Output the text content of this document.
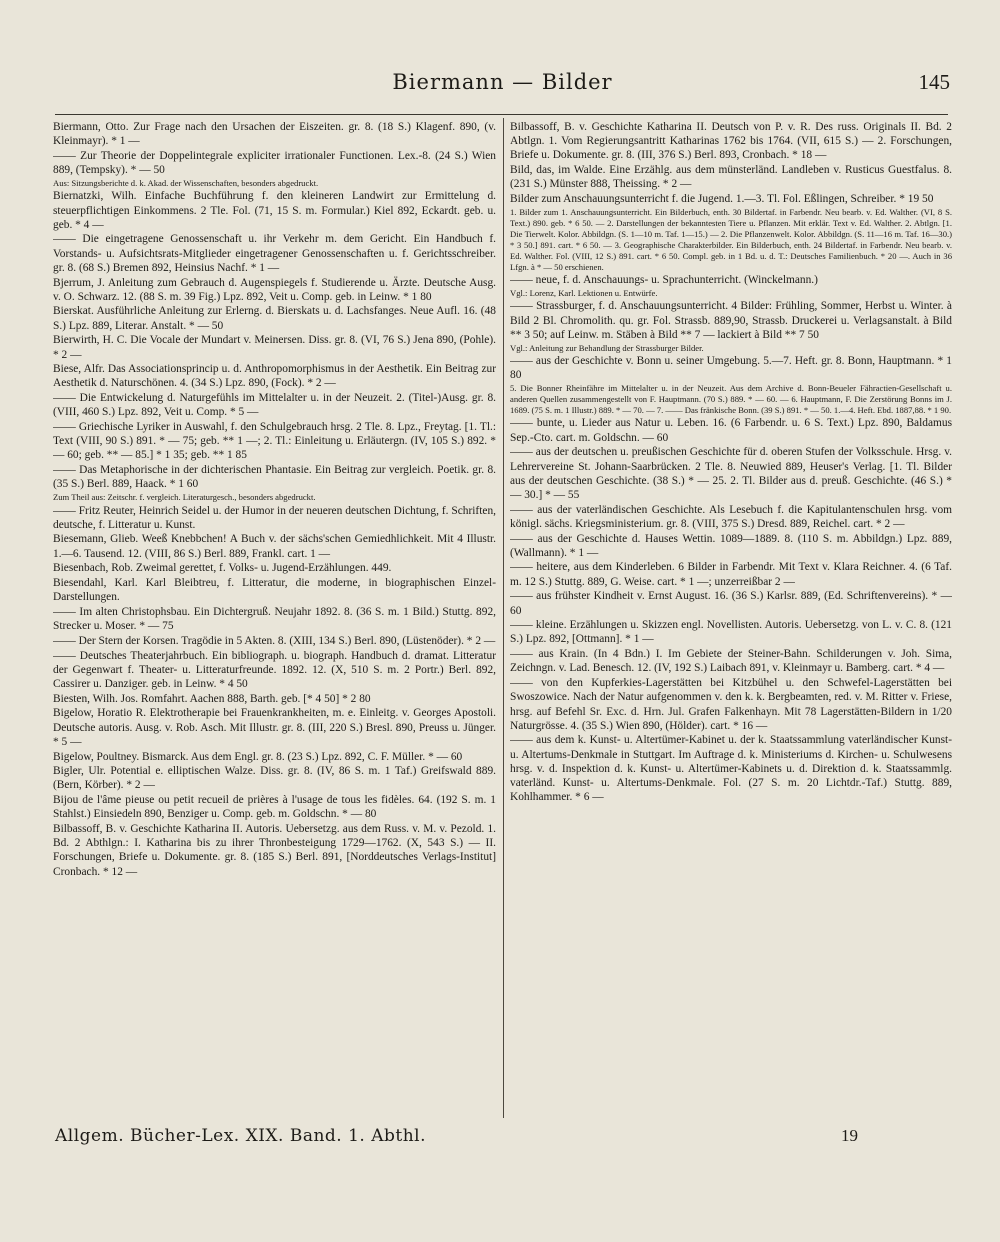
Biermann — Bilder	145

Biermann, Otto. Zur Frage nach den Ursachen der Eiszeiten. gr. 8. (18 S.) Klagenf. 890, (v. Kleinmayr). * 1 —

—— Zur Theorie der Doppelintegrale expliciter irrationaler Functionen. Lex.-8. (24 S.) Wien 889, (Tempsky). * — 50

Aus: Sitzungsberichte d. k. Akad. der Wissenschaften, besonders abgedruckt.

Biernatzki, Wilh. Einfache Buchführung f. den kleineren Landwirt zur Ermittelung d. steuerpflichtigen Einkommens. 2 Tle. Fol. (71, 15 S. m. Formular.) Kiel 892, Eckardt. geb. u. geb. * 4 —

—— Die eingetragene Genossenschaft u. ihr Verkehr m. dem Gericht. Ein Handbuch f. Vorstands- u. Aufsichtsrats-Mitglieder eingetragener Genossenschaften u. f. Gerichtsschreiber. gr. 8. (68 S.) Bremen 892, Heinsius Nachf. * 1 —

Bjerrum, J. Anleitung zum Gebrauch d. Augenspiegels f. Studierende u. Ärzte. Deutsche Ausg. v. O. Schwarz. 12. (88 S. m. 39 Fig.) Lpz. 892, Veit u. Comp. geb. in Leinw. * 1 80

Bierskat. Ausführliche Anleitung zur Erlerng. d. Bierskats u. d. Lachsfanges. Neue Aufl. 16. (48 S.) Lpz. 889, Literar. Anstalt. * — 50

Bierwirth, H. C. Die Vocale der Mundart v. Meinersen. Diss. gr. 8. (VI, 76 S.) Jena 890, (Pohle). * 2 —

Biese, Alfr. Das Associationsprincip u. d. Anthropomorphismus in der Aesthetik. Ein Beitrag zur Aesthetik d. Naturschönen. 4. (34 S.) Lpz. 890, (Fock). * 2 —

—— Die Entwickelung d. Naturgefühls im Mittelalter u. in der Neuzeit. 2. (Titel-)Ausg. gr. 8. (VIII, 460 S.) Lpz. 892, Veit u. Comp. * 5 —

—— Griechische Lyriker in Auswahl, f. den Schulgebrauch hrsg. 2 Tle. 8. Lpz., Freytag. [1. Tl.: Text (VIII, 90 S.) 891. * — 75; geb. ** 1 —; 2. Tl.: Einleitung u. Erläutergn. (IV, 105 S.) 892. * — 60; geb. ** — 85.] * 1 35; geb. ** 1 85

—— Das Metaphorische in der dichterischen Phantasie. Ein Beitrag zur vergleich. Poetik. gr. 8. (35 S.) Berl. 889, Haack. * 1 60

Zum Theil aus: Zeitschr. f. vergleich. Literaturgesch., besonders abgedruckt.

—— Fritz Reuter, Heinrich Seidel u. der Humor in der neueren deutschen Dichtung, f. Schriften, deutsche, f. Litteratur u. Kunst.

Biesemann, Glieb. Weeß Knebbchen! A Buch v. der sächs'schen Gemiedhlichkeit. Mit 4 Illustr. 1.—6. Tausend. 12. (VIII, 86 S.) Berl. 889, Frankl. cart. 1 —

Biesenbach, Rob. Zweimal gerettet, f. Volks- u. Jugend-Erzählungen. 449.

Biesendahl, Karl. Karl Bleibtreu, f. Litteratur, die moderne, in biographischen Einzel-Darstellungen.

—— Im alten Christophsbau. Ein Dichtergruß. Neujahr 1892. 8. (36 S. m. 1 Bild.) Stuttg. 892, Strecker u. Moser. * — 75

—— Der Stern der Korsen. Tragödie in 5 Akten. 8. (XIII, 134 S.) Berl. 890, (Lüstenöder). * 2 —

—— Deutsches Theaterjahrbuch. Ein bibliograph. u. biograph. Handbuch d. dramat. Litteratur der Gegenwart f. Theater- u. Litteraturfreunde. 1892. 12. (X, 510 S. m. 2 Portr.) Berl. 892, Cassirer u. Danziger. geb. in Leinw. * 4 50

Biesten, Wilh. Jos. Romfahrt. Aachen 888, Barth. geb. [* 4 50] * 2 80

Bigelow, Horatio R. Elektrotherapie bei Frauenkrankheiten, m. e. Einleitg. v. Georges Apostoli. Deutsche autoris. Ausg. v. Rob. Asch. Mit Illustr. gr. 8. (III, 220 S.) Bresl. 890, Preuss u. Jünger. * 5 —

Bigelow, Poultney. Bismarck. Aus dem Engl. gr. 8. (23 S.) Lpz. 892, C. F. Müller. * — 60

Bigler, Ulr. Potential e. elliptischen Walze. Diss. gr. 8. (IV, 86 S. m. 1 Taf.) Greifswald 889. (Bern, Körber). * 2 —

Bijou de l'âme pieuse ou petit recueil de prières à l'usage de tous les fidèles. 64. (192 S. m. 1 Stahlst.) Einsiedeln 890, Benziger u. Comp. geb. m. Goldschn. * — 80

Bilbassoff, B. v. Geschichte Katharina II. Autoris. Uebersetzg. aus dem Russ. v. M. v. Pezold. 1. Bd. 2 Abthlgn.: I. Katharina bis zu ihrer Thronbesteigung 1729—1762. (X, 543 S.) — II. Forschungen, Briefe u. Dokumente. gr. 8. (185 S.) Berl. 891, [Norddeutsches Verlags-Institut] Cronbach. * 12 —

Bilbassoff, B. v. Geschichte Katharina II. Deutsch von P. v. R. Des russ. Originals II. Bd. 2 Abtlgn. 1. Vom Regierungsantritt Katharinas 1762 bis 1764. (VII, 615 S.) — 2. Forschungen, Briefe u. Dokumente. gr. 8. (III, 376 S.) Berl. 893, Cronbach. * 18 —

Bild, das, im Walde. Eine Erzählg. aus dem münsterländ. Landleben v. Rusticus Guestfalus. 8. (231 S.) Münster 888, Theissing. * 2 —

Bilder zum Anschauungsunterricht f. die Jugend. 1.—3. Tl. Fol. Eßlingen, Schreiber. * 19 50

1. Bilder zum 1. Anschauungsunterricht. Ein Bilderbuch, enth. 30 Bildertaf. in Farbendr. Neu bearb. v. Ed. Walther. (VI, 8 S. Text.) 890. geb. * 6 50. — 2. Darstellungen der bekanntesten Tiere u. Pflanzen. Mit erklär. Text v. Ed. Walther. 2. Abtlgn. [1. Die Tierwelt. Kolor. Abbildgn. (S. 1—10 m. Taf. 1—15.) — 2. Die Pflanzenwelt. Kolor. Abbildgn. (S. 11—16 m. Taf. 16—30.) * 3 50.] 891. cart. * 6 50. — 3. Geographische Charakterbilder. Ein Bilderbuch, enth. 24 Bildertaf. in Farbendr. Neu bearb. v. Ed. Walther. Fol. (VIII, 12 S.) 891. cart. * 6 50. Compl. geb. in 1 Bd. u. d. T.: Deutsches Familienbuch. * 20 —. Auch in 36 Lfgn. à * — 50 erschienen.

—— neue, f. d. Anschauungs- u. Sprachunterricht. (Winckelmann.)

Vgl.: Lorenz, Karl. Lektionen u. Entwürfe.

—— Strassburger, f. d. Anschauungsunterricht. 4 Bilder: Frühling, Sommer, Herbst u. Winter. à Bild 2 Bl. Chromolith. qu. gr. Fol. Strassb. 889,90, Strassb. Druckerei u. Verlagsanstalt. à Bild ** 3 50; auf Leinw. m. Stäben à Bild ** 7 — lackiert à Bild ** 7 50

Vgl.: Anleitung zur Behandlung der Strassburger Bilder.

—— aus der Geschichte v. Bonn u. seiner Umgebung. 5.—7. Heft. gr. 8. Bonn, Hauptmann. * 1 80

5. Die Bonner Rheinfähre im Mittelalter u. in der Neuzeit. Aus dem Archive d. Bonn-Beueler Fähractien-Gesellschaft u. anderen Quellen zusammengestellt von F. Hauptmann. (70 S.) 889. * — 60. — 6. Hauptmann, F. Die Zerstörung Bonns im J. 1689. (75 S. m. 1 Illustr.) 889. * — 70. — 7. —— Das fränkische Bonn. (39 S.) 891. * — 50. 1.—4. Heft. Ebd. 1887,88. * 1 90.

—— bunte, u. Lieder aus Natur u. Leben. 16. (6 Farbendr. u. 6 S. Text.) Lpz. 890, Baldamus Sep.-Cto. cart. m. Goldschn. — 60

—— aus der deutschen u. preußischen Geschichte für d. oberen Stufen der Volksschule. Hrsg. v. Lehrervereine St. Johann-Saarbrücken. 2 Tle. 8. Neuwied 889, Heuser's Verlag. [1. Tl. Bilder aus der deutschen Geschichte. (38 S.) * — 25. 2. Tl. Bilder aus d. preuß. Geschichte. (46 S.) * — 30.] * — 55

—— aus der vaterländischen Geschichte. Als Lesebuch f. die Kapitulantenschulen hrsg. vom königl. sächs. Kriegsministerium. gr. 8. (VIII, 375 S.) Dresd. 889, Reichel. cart. * 2 —

—— aus der Geschichte d. Hauses Wettin. 1089—1889. 8. (110 S. m. Abbildgn.) Lpz. 889, (Wallmann). * 1 —

—— heitere, aus dem Kinderleben. 6 Bilder in Farbendr. Mit Text v. Klara Reichner. 4. (6 Taf. m. 12 S.) Stuttg. 889, G. Weise. cart. * 1 —; unzerreißbar 2 —

—— aus frühster Kindheit v. Ernst August. 16. (36 S.) Karlsr. 889, (Ed. Schriftenvereins). * — 60

—— kleine. Erzählungen u. Skizzen engl. Novellisten. Autoris. Uebersetzg. von L. v. C. 8. (121 S.) Lpz. 892, [Ottmann]. * 1 —

—— aus Krain. (In 4 Bdn.) I. Im Gebiete der Steiner-Bahn. Schilderungen v. Joh. Sima, Zeichngn. v. Lad. Benesch. 12. (IV, 192 S.) Laibach 891, v. Kleinmayr u. Bamberg. cart. * 4 —

—— von den Kupferkies-Lagerstätten bei Kitzbühel u. den Schwefel-Lagerstätten bei Swoszowice. Nach der Natur aufgenommen v. den k. k. Bergbeamten, red. v. M. Ritter v. Friese, hrsg. auf Befehl Sr. Exc. d. Hrn. Jul. Grafen Falkenhayn. Mit 78 Lagerstätten-Bildern in 1/20 Naturgrösse. 4. (35 S.) Wien 890, (Hölder). cart. * 16 —

—— aus dem k. Kunst- u. Altertümer-Kabinet u. der k. Staatssammlung vaterländischer Kunst- u. Altertums-Denkmale in Stuttgart. Im Auftrage d. k. Ministeriums d. Kirchen- u. Schulwesens hrsg. v. d. Inspektion d. k. Kunst- u. Altertümer-Kabinets u. d. Direktion d. k. Staatssammlg. vaterländ. Kunst- u. Altertums-Denkmale. Fol. (27 S. m. 20 Lichtdr.-Taf.) Stuttg. 889, Kohlhammer. * 6 —

Allgem. Bücher-Lex. XIX. Band. 1. Abthl.	19
